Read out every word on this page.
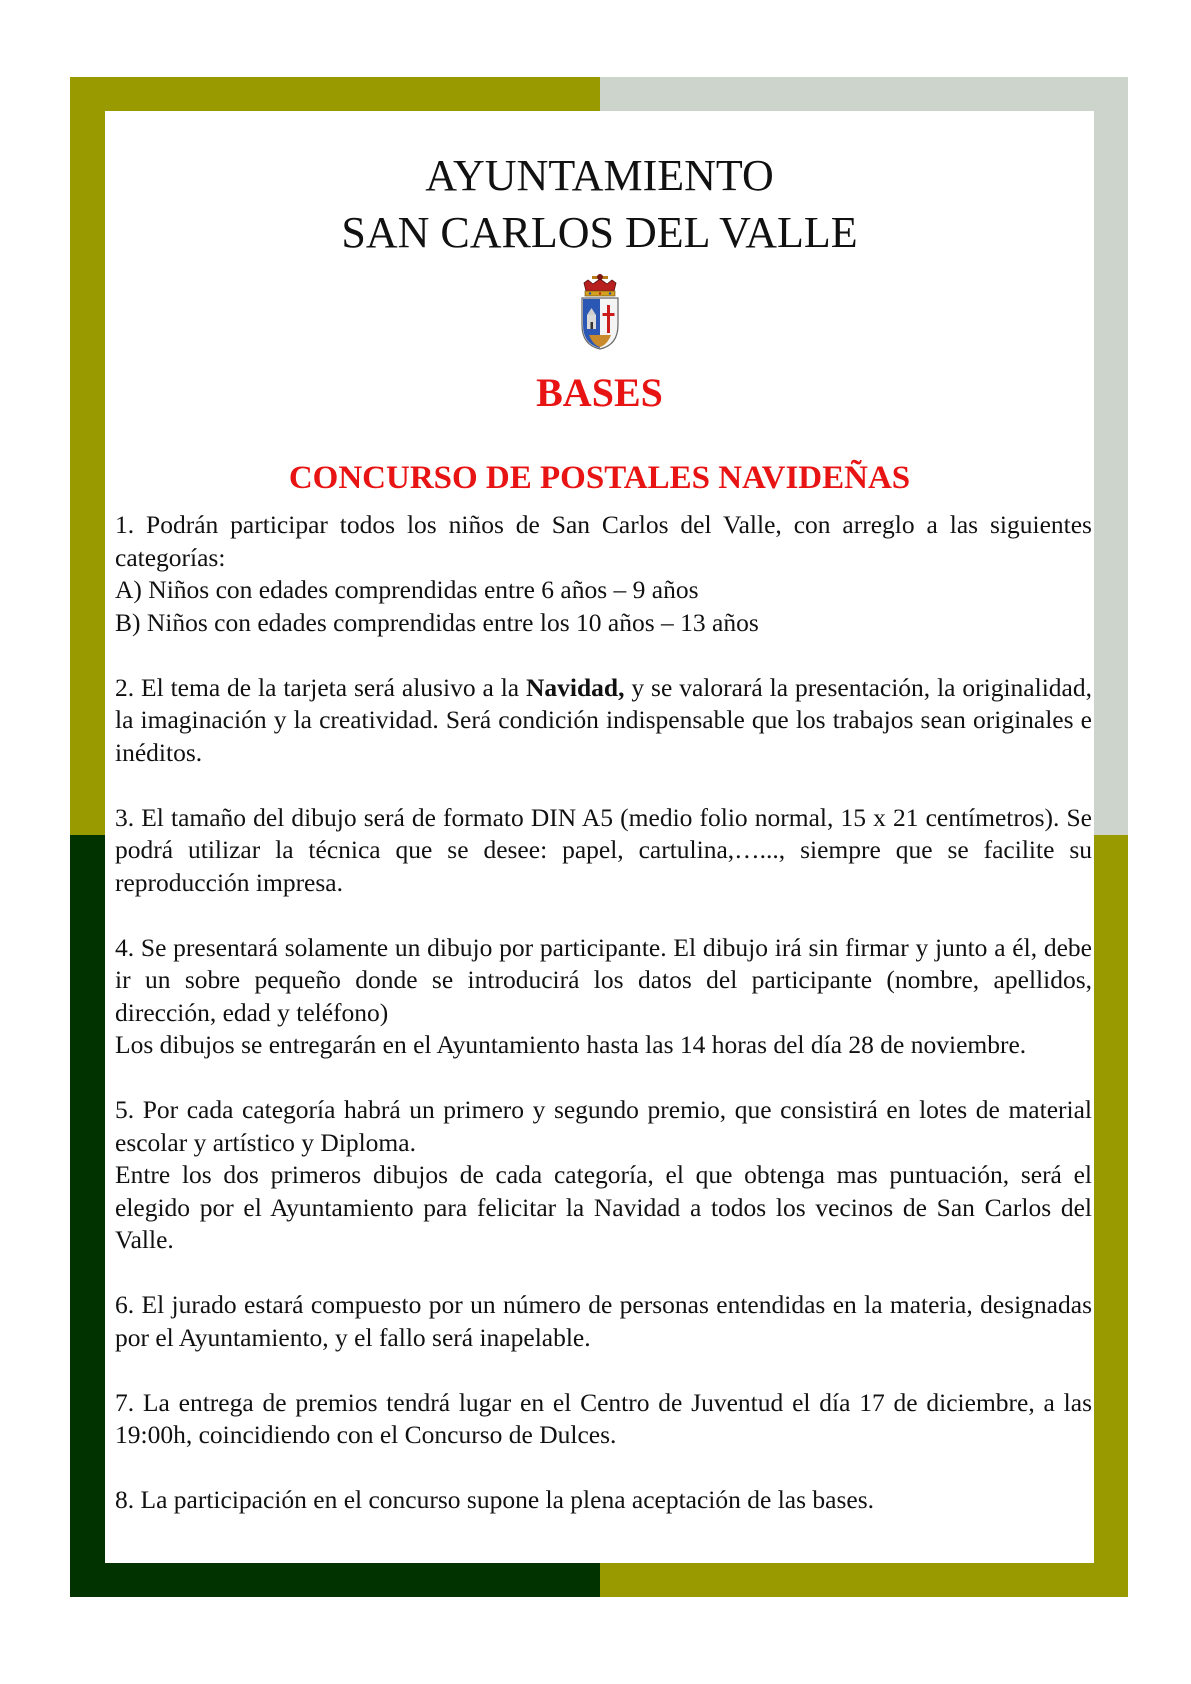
AYUNTAMIENTO
SAN CARLOS DEL VALLE
BASES
CONCURSO DE POSTALES NAVIDEÑAS

1. Podrán participar todos los niños de San Carlos del Valle, con arreglo a las siguientes categorías:

A) Niños con edades comprendidas entre 6 años – 9 años

B) Niños con edades comprendidas entre los 10 años – 13 años

2. El tema de la tarjeta será alusivo a la Navidad, y se valorará la presentación, la originalidad, la imaginación y la creatividad. Será condición indispensable que los trabajos sean originales e inéditos.

3. El tamaño del dibujo será de formato DIN A5 (medio folio normal, 15 x 21 centímetros). Se podrá utilizar la técnica que se desee: papel, cartulina,…..., siempre que se facilite su reproducción impresa.

4. Se presentará solamente un dibujo por participante. El dibujo irá sin firmar y junto a él, debe ir un sobre pequeño donde se introducirá los datos del participante (nombre, apellidos, dirección, edad y teléfono)

Los dibujos se entregarán en el Ayuntamiento hasta las 14 horas del día 28 de noviembre.

5. Por cada categoría habrá un primero y segundo premio, que consistirá en lotes de material escolar y artístico y Diploma.

Entre los dos primeros dibujos de cada categoría, el que obtenga mas puntuación, será el elegido por el Ayuntamiento para felicitar la Navidad a todos los vecinos de San Carlos del Valle.

6. El jurado estará compuesto por un número de personas entendidas en la materia, designadas por el Ayuntamiento, y el fallo será inapelable.

7. La entrega de premios tendrá lugar en el Centro de Juventud el día 17 de diciembre, a las 19:00h, coincidiendo con el Concurso de Dulces.

8. La participación en el concurso supone la plena aceptación de las bases.
